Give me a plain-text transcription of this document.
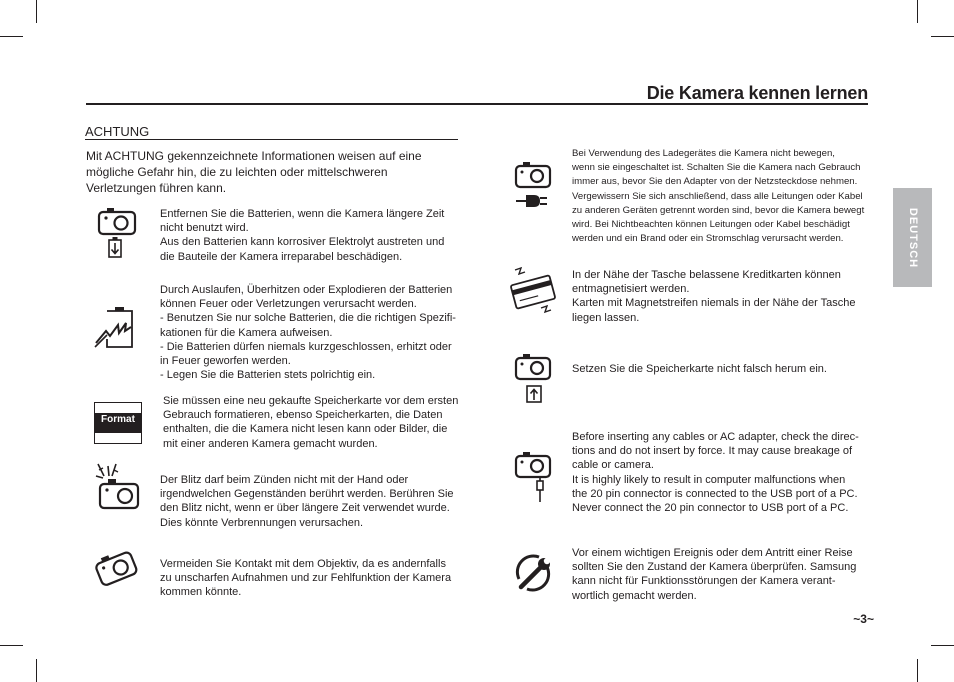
Die Kamera kennen lernen
ACHTUNG
Mit ACHTUNG gekennzeichnete Informationen weisen auf eine mögliche Gefahr hin, die zu leichten oder mittelschweren Verletzungen führen kann.
Format
Entfernen Sie die Batterien, wenn die Kamera längere Zeit
nicht benutzt wird.
Aus den Batterien kann korrosiver Elektrolyt austreten und
die Bauteile der Kamera irreparabel beschädigen.
Durch Auslaufen, Überhitzen oder Explodieren der Batterien
können Feuer oder Verletzungen verursacht werden.
- Benutzen Sie nur solche Batterien, die die richtigen Spezifi-
kationen für die Kamera aufweisen.
- Die Batterien dürfen niemals kurzgeschlossen, erhitzt oder
in Feuer geworfen werden.
- Legen Sie die Batterien stets polrichtig ein.
Sie müssen eine neu gekaufte Speicherkarte vor dem ersten
Gebrauch formatieren, ebenso Speicherkarten, die Daten
enthalten, die die Kamera nicht lesen kann oder Bilder, die
mit einer anderen Kamera gemacht wurden.
Der Blitz darf beim Zünden nicht mit der Hand oder
irgendwelchen Gegenständen berührt werden. Berühren Sie
den Blitz nicht, wenn er über längere Zeit verwendet wurde.
Dies könnte Verbrennungen verursachen.
Vermeiden Sie Kontakt mit dem Objektiv, da es andernfalls
zu unscharfen Aufnahmen und zur Fehlfunktion der Kamera
kommen könnte.
Bei Verwendung des Ladegerätes die Kamera nicht bewegen,
wenn sie eingeschaltet ist. Schalten Sie die Kamera nach Gebrauch
immer aus, bevor Sie den Adapter von der Netzsteckdose nehmen.
Vergewissern Sie sich anschließend, dass alle Leitungen oder Kabel
zu anderen Geräten getrennt worden sind, bevor die Kamera bewegt
wird. Bei Nichtbeachten können Leitungen oder Kabel beschädigt
werden und ein Brand oder ein Stromschlag verursacht werden.
In der Nähe der Tasche belassene Kreditkarten können
entmagnetisiert werden.
Karten mit Magnetstreifen niemals in der Nähe der Tasche
liegen lassen.
Setzen Sie die Speicherkarte nicht falsch herum ein.
Before inserting any cables or AC adapter, check the direc-
tions and do not insert by force. It may cause breakage of
cable or camera.
It is highly likely to result in computer malfunctions when
the 20 pin connector is connected to the USB port of a PC.
Never connect the 20 pin connector to USB port of a PC.
Vor einem wichtigen Ereignis oder dem Antritt einer Reise
sollten Sie den Zustand der Kamera überprüfen. Samsung
kann nicht für Funktionsstörungen der Kamera verant-
wortlich gemacht werden.
DEUTSCH
~3~
